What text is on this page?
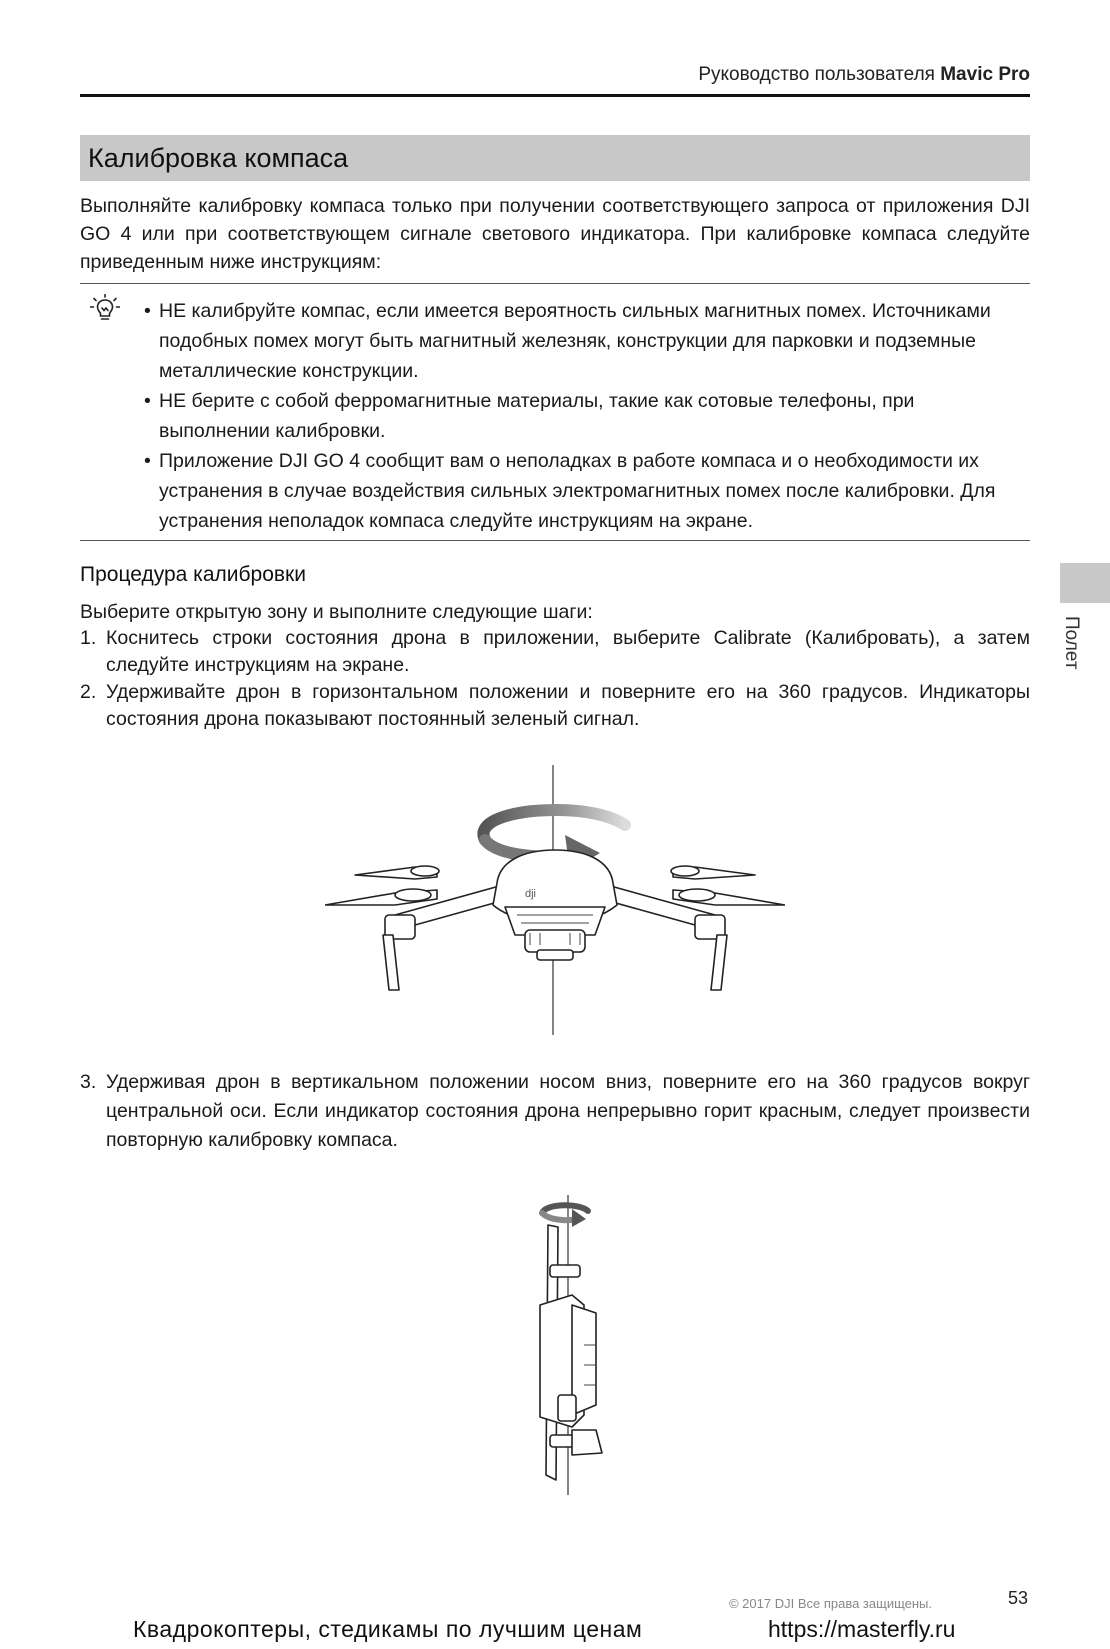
Руководство пользователя Mavic Pro
Калибровка компаса
Выполняйте калибровку компаса только при получении соответствующего запроса от приложения DJI GO 4 или при соответствующем сигнале светового индикатора. При калибровке компаса следуйте приведенным ниже инструкциям:
• НЕ калибруйте компас, если имеется вероятность сильных магнитных помех. Источниками подобных помех могут быть магнитный железняк, конструкции для парковки и подземные металлические конструкции.
• НЕ берите с собой ферромагнитные материалы, такие как сотовые телефоны, при выполнении калибровки.
• Приложение DJI GO 4 сообщит вам о неполадках в работе компаса и о необходимости их устранения в случае воздействия сильных электромагнитных помех после калибровки. Для устранения неполадок компаса следуйте инструкциям на экране.
Процедура калибровки
Выберите открытую зону и выполните следующие шаги:
1. Коснитесь строки состояния дрона в приложении, выберите Calibrate (Калибровать), а затем следуйте инструкциям на экране.
2. Удерживайте дрон в горизонтальном положении и поверните его на 360 градусов. Индикаторы состояния дрона показывают постоянный зеленый сигнал.
dji
3. Удерживая дрон в вертикальном положении носом вниз, поверните его на 360 градусов вокруг центральной оси. Если индикатор состояния дрона непрерывно горит красным, следует произвести повторную калибровку компаса.
Полет
© 2017 DJI Все права защищены.	53
Квадрокоптеры, стедикамы по лучшим ценам	https://masterfly.ru
